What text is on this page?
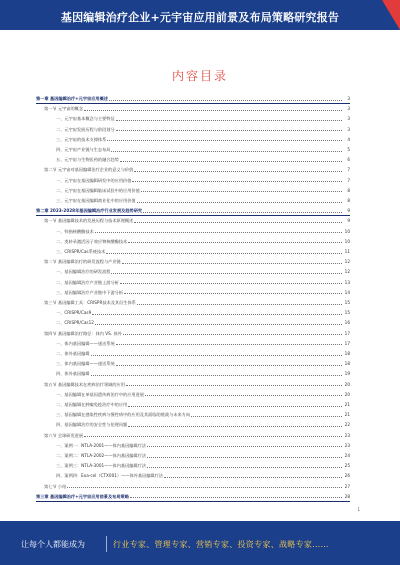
基因编辑治疗企业+元宇宙应用前景及布局策略研究报告
内容目录
第一章 基因编辑治疗+元宇宙应用概述	3
第一节 元宇宙的概念	3
一、元宇宙基本概念与主要特征	3
二、元宇宙发展历程与阶段划分	3
三、元宇宙的技术支撑体系	4
四、元宇宙产业链与生态布局	5
五、元宇宙与生物医药的融合趋势	6
第二节 元宇宙对基因编辑治疗企业的意义与价值	7
一、元宇宙在基因编辑研发中的应用价值	7
二、元宇宙在基因编辑临床试验中的应用价值	8
三、元宇宙在基因编辑商业化中的应用价值	8
第二章 2023-2028年基因编辑治疗行业发展及趋势研究	9
第一节 基因编辑技术的发展历程与技术原理概述	9
一、锌指核酸酶技术	10
二、类转录激活因子效应物核酸酶技术	10
三、CRISPR/Cas系统技术	11
第二节 基因编辑治疗的研发流程与产业链	12
一、基因编辑治疗的研发流程	12
二、基因编辑治疗产业链上游分析	13
三、基因编辑治疗产业链中下游分析	14
第三节 基因编辑工具：CRISPR技术及其衍生体系	15
一、CRISPR/Cas9	15
二、CRISPR/Cas12	16
第四节 基因编辑治疗路径：体内 VS. 体外	17
一、体内基因编辑——递送系统	17
二、体外基因编辑	18
三、体内基因编辑——递送系统	18
四、体外基因编辑	19
第五节 基因编辑技术在疾病治疗领域的应用	20
一、基因编辑在单基因遗传病治疗中的应用进展	20
二、基因编辑在肿瘤免疫治疗中的应用	21
三、基因编辑在感染性疾病与慢性病中的应用及其面临的挑战与未来方向	21
四、基因编辑治疗的安全性与伦理问题	22
第六节 全球研发进展	23
一、案例一：NTLA-2001——体内基因编辑疗法	23
二、案例二：NTLA-2002——体内基因编辑疗法	24
三、案例三：NTLA-3001——体内基因编辑疗法	25
四、案例四：Exa-cel（CTX001）——体外基因编辑疗法	26
第七节 小结	27
第三章 基因编辑治疗+元宇宙应用前景及布局策略	28
1
让每个人都能成为	行业专家、管理专家、营销专家、投资专家、战略专家……
